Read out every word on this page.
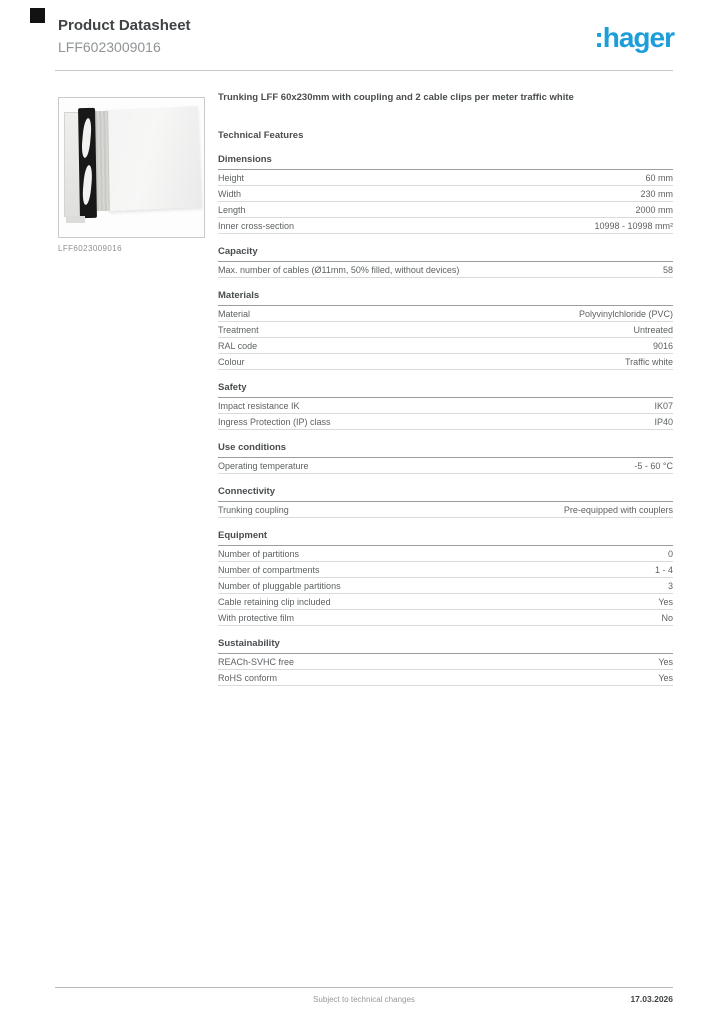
Product Datasheet
LFF6023009016	:hager
LFF6023009016
Trunking LFF 60x230mm with coupling and 2 cable clips per meter traffic white
Technical Features
Dimensions
Height	60 mm
Width	230 mm
Length	2000 mm
Inner cross-section	10998 - 10998 mm²
Capacity
Max. number of cables (Ø11mm, 50% filled, without devices)	58
Materials
Material	Polyvinylchloride (PVC)
Treatment	Untreated
RAL code	9016
Colour	Traffic white
Safety
Impact resistance IK	IK07
Ingress Protection (IP) class	IP40
Use conditions
Operating temperature	-5 - 60 °C
Connectivity
Trunking coupling	Pre-equipped with couplers
Equipment
Number of partitions	0
Number of compartments	1 - 4
Number of pluggable partitions	3
Cable retaining clip included	Yes
With protective film	No
Sustainability
REACh-SVHC free	Yes
RoHS conform	Yes
Subject to technical changes	17.03.2026
